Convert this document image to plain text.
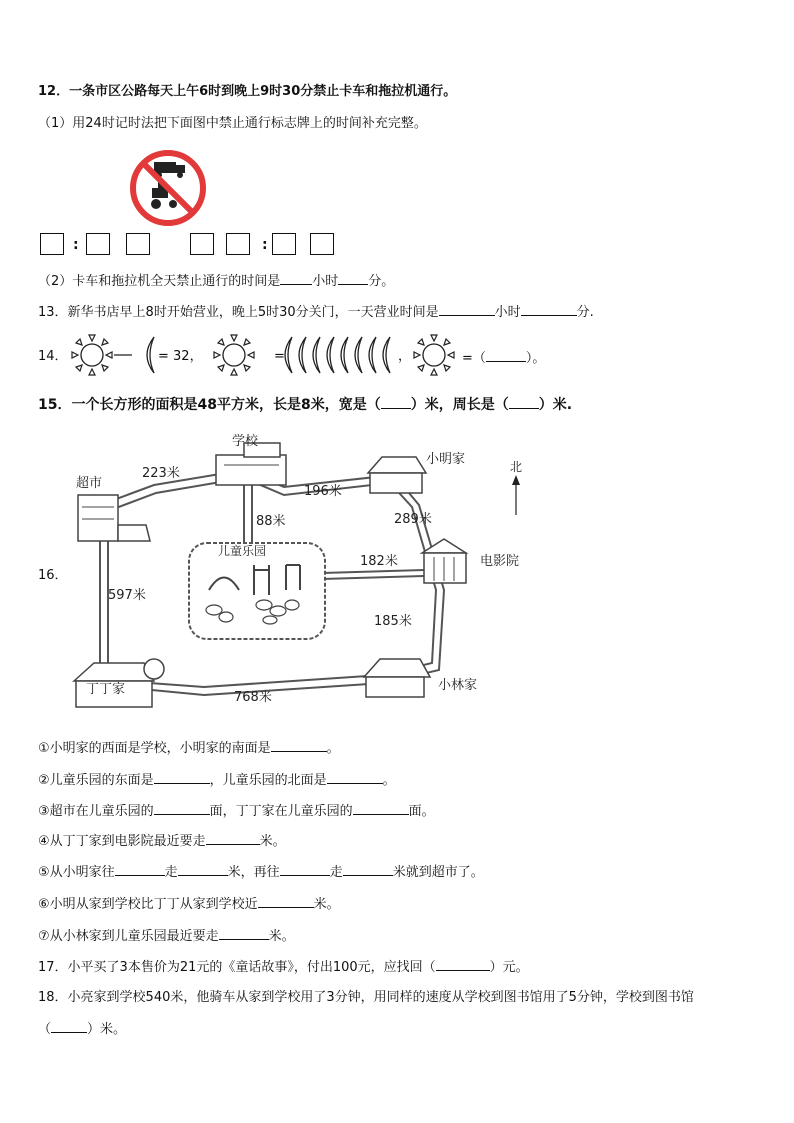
12．一条市区公路每天上午6时到晚上9时30分禁止卡车和拖拉机通行。
（1）用24时记时法把下面图中禁止通行标志牌上的时间补充完整。
:	:
（2）卡车和拖拉机全天禁止通行的时间是 小时 分。
13．新华书店早上8时开始营业，晚上5时30分关门，一天营业时间是	小时	分.
14．	= 32，	=	，	=（	）。
15．一个长方形的面积是48平方米，长是8米，宽是（ ）米，周长是（ ）米.
16．
学校
超市
小明家	北
儿童乐园
电影院
丁丁家	小林家
223米
196米
88米	289米
182米
597米
185米
768米
①小明家的西面是学校，小明家的南面是	。
②儿童乐园的东面是	，儿童乐园的北面是	。
③超市在儿童乐园的	面，丁丁家在儿童乐园的	面。
④从丁丁家到电影院最近要走	米。
⑤从小明家往	走	米，再往	走	米就到超市了。
⑥小明从家到学校比丁丁从家到学校近	米。
⑦从小林家到儿童乐园最近要走	米。
17．小平买了3本售价为21元的《童话故事》，付出100元，应找回（	）元。
18．小亮家到学校540米，他骑车从家到学校用了3分钟，用同样的速度从学校到图书馆用了5分钟，学校到图书馆
（	）米。
